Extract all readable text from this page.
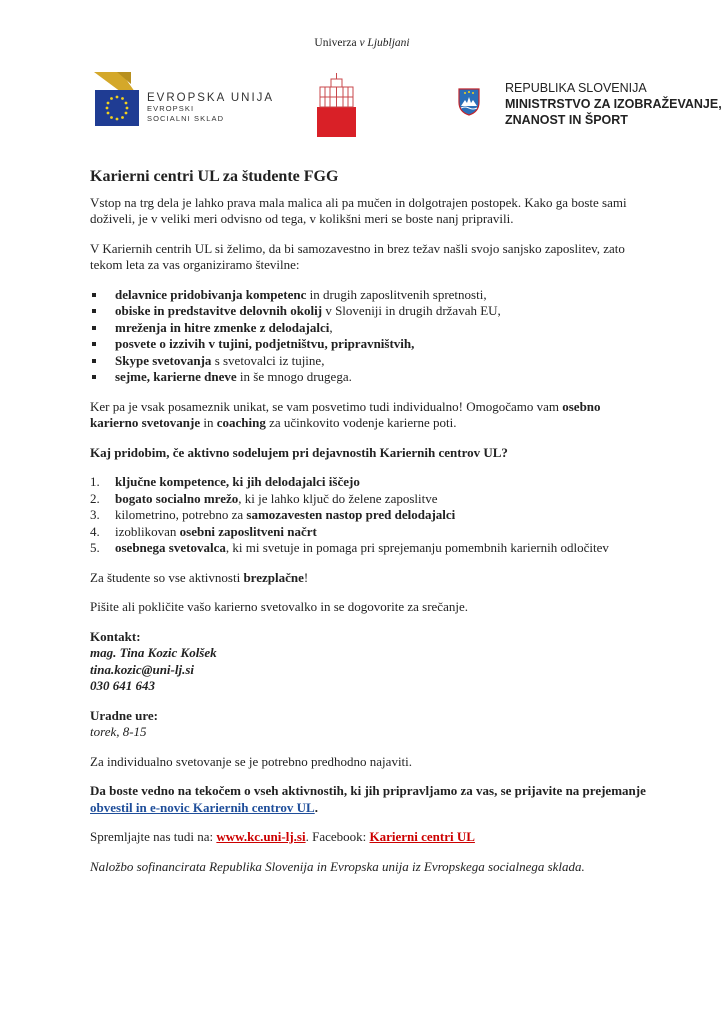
Univerza v Ljubljani
EVROPSKA UNIJA
EVROPSKI
SOCIALNI SKLAD
REPUBLIKA SLOVENIJA
MINISTRSTVO ZA IZOBRAŽEVANJE,
ZNANOST IN ŠPORT
Karierni centri UL za študente FGG

Vstop na trg dela je lahko prava mala malica ali pa mučen in dolgotrajen postopek. Kako ga boste sami doživeli, je v veliki meri odvisno od tega, v kolikšni meri se boste nanj pripravili.

V Kariernih centrih UL si želimo, da bi samozavestno in brez težav našli svojo sanjsko zaposlitev, zato tekom leta za vas organiziramo številne:

delavnice pridobivanja kompetenc in drugih zaposlitvenih spretnosti,
obiske in predstavitve delovnih okolij v Sloveniji in drugih državah EU,
mreženja in hitre zmenke z delodajalci,
posvete o izzivih v tujini, podjetništvu, pripravništvih,
Skype svetovanja s svetovalci iz tujine,
sejme, karierne dneve in še mnogo drugega.

Ker pa je vsak posameznik unikat, se vam posvetimo tudi individualno! Omogočamo vam osebno karierno svetovanje in coaching za učinkovito vodenje karierne poti.

Kaj pridobim, če aktivno sodelujem pri dejavnostih Kariernih centrov UL?

1. ključne kompetence, ki jih delodajalci iščejo
2. bogato socialno mrežo, ki je lahko ključ do želene zaposlitve
3. kilometrino, potrebno za samozavesten nastop pred delodajalci
4. izoblikovan osebni zaposlitveni načrt
5. osebnega svetovalca, ki mi svetuje in pomaga pri sprejemanju pomembnih kariernih odločitev

Za študente so vse aktivnosti brezplačne!

Pišite ali pokličite vašo karierno svetovalko in se dogovorite za srečanje.

Kontakt:
mag. Tina Kozic Kolšek
tina.kozic@uni-lj.si
030 641 643
Uradne ure:
torek, 8-15

Za individualno svetovanje se je potrebno predhodno najaviti.

Da boste vedno na tekočem o vseh aktivnostih, ki jih pripravljamo za vas, se prijavite na prejemanje obvestil in e-novic Kariernih centrov UL.

Spremljajte nas tudi na: www.kc.uni-lj.si. Facebook: Karierni centri UL

Naložbo sofinancirata Republika Slovenija in Evropska unija iz Evropskega socialnega sklada.
